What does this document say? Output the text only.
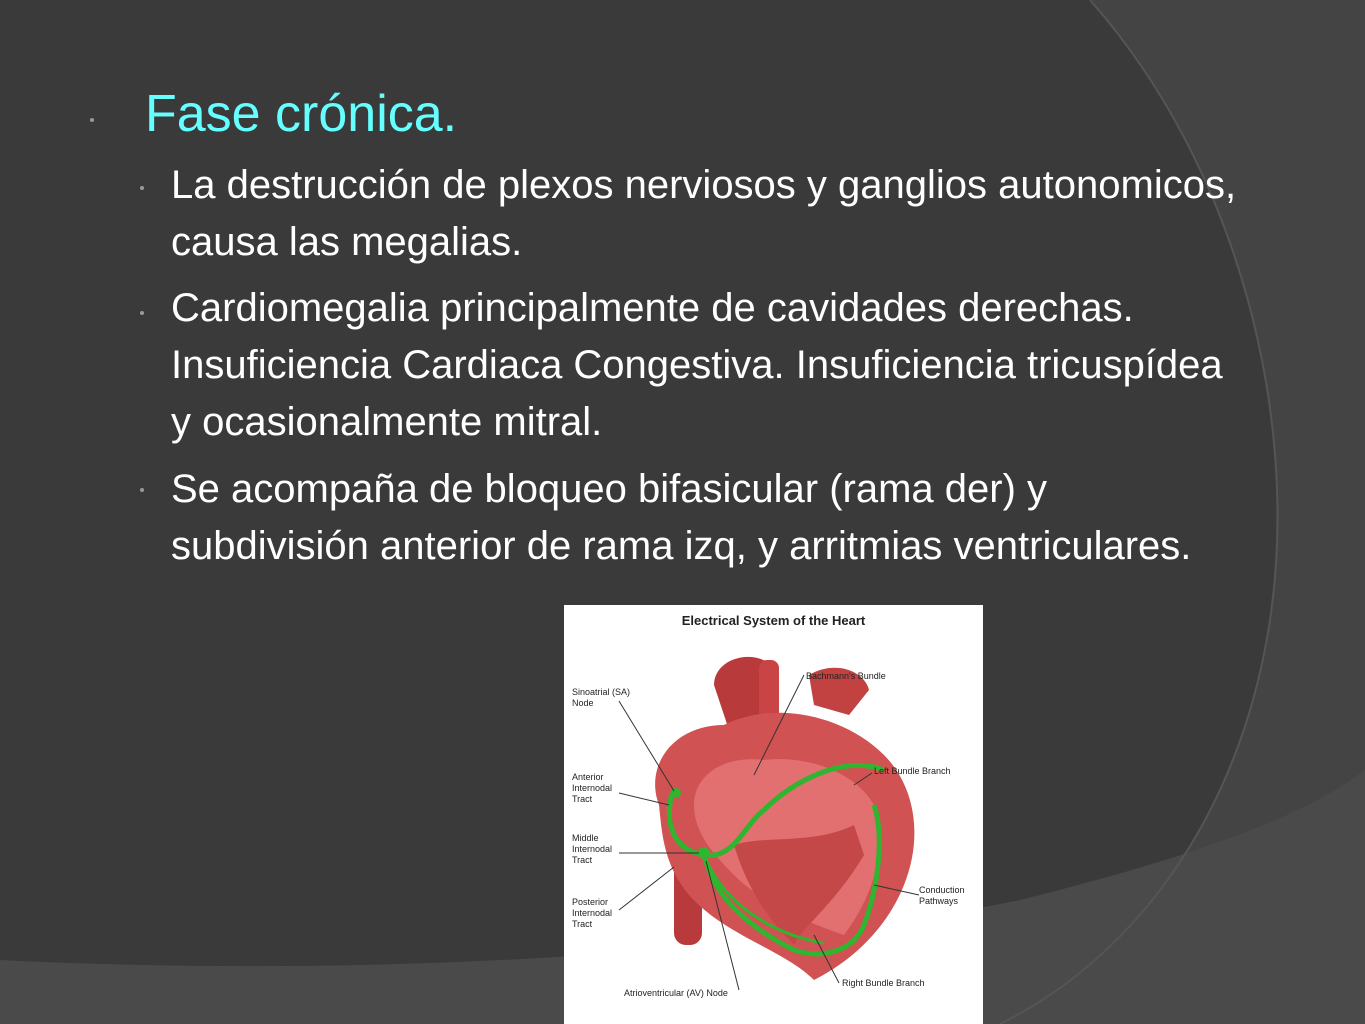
Fase crónica.
La destrucción de plexos nerviosos y ganglios autonomicos, causa las megalias.
Cardiomegalia principalmente de cavidades derechas. Insuficiencia Cardiaca Congestiva. Insuficiencia tricuspídea y ocasionalmente mitral.
Se acompaña de bloqueo bifasicular (rama der) y subdivisión anterior de rama izq, y arritmias ventriculares.
Electrical System of the Heart
Sinoatrial (SA)
Node
Bachmann's Bundle
Anterior
Internodal
Tract
Left Bundle Branch
Middle
Internodal
Tract
Conduction
Pathways
Posterior
Internodal
Tract
Right Bundle Branch
Atrioventricular (AV) Node
